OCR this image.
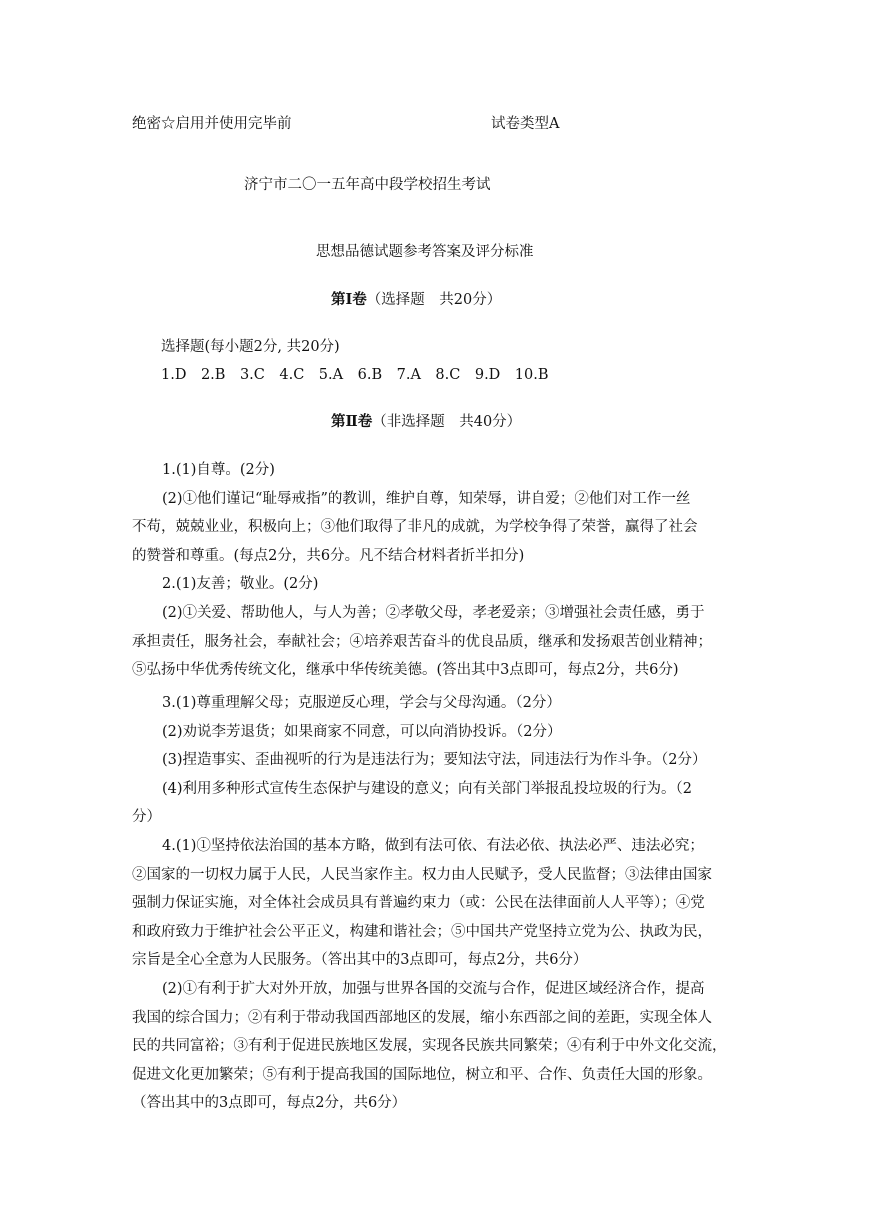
绝密☆启用并使用完毕前	试卷类型A
济宁市二〇一五年高中段学校招生考试
思想品德试题参考答案及评分标准
第Ⅰ卷（选择题　共20分）
选择题(每小题2分, 共20分)
1.D　2.B　3.C　4.C　5.A　6.B　7.A　8.C　9.D　10.B
第Ⅱ卷（非选择题　共40分）

1.(1)自尊。(2分)

(2)①他们谨记“耻辱戒指”的教训，维护自尊，知荣辱，讲自爱；②他们对工作一丝

不苟，兢兢业业，积极向上；③他们取得了非凡的成就，为学校争得了荣誉，赢得了社会

的赞誉和尊重。(每点2分，共6分。凡不结合材料者折半扣分)

2.(1)友善；敬业。(2分)

(2)①关爱、帮助他人，与人为善；②孝敬父母，孝老爱亲；③增强社会责任感，勇于

承担责任，服务社会，奉献社会；④培养艰苦奋斗的优良品质，继承和发扬艰苦创业精神；

⑤弘扬中华优秀传统文化，继承中华传统美德。(答出其中3点即可，每点2分，共6分)

3.(1)尊重理解父母；克服逆反心理，学会与父母沟通。（2分）

(2)劝说李芳退货；如果商家不同意，可以向消协投诉。（2分）

(3)捏造事实、歪曲视听的行为是违法行为；要知法守法，同违法行为作斗争。（2分）

(4)利用多种形式宣传生态保护与建设的意义；向有关部门举报乱投垃圾的行为。（2

分）

4.(1)①坚持依法治国的基本方略，做到有法可依、有法必依、执法必严、违法必究；

②国家的一切权力属于人民，人民当家作主。权力由人民赋予，受人民监督；③法律由国家

强制力保证实施，对全体社会成员具有普遍约束力（或：公民在法律面前人人平等）；④党

和政府致力于维护社会公平正义，构建和谐社会；⑤中国共产党坚持立党为公、执政为民，

宗旨是全心全意为人民服务。（答出其中的3点即可，每点2分，共6分）

(2)①有利于扩大对外开放，加强与世界各国的交流与合作，促进区域经济合作，提高

我国的综合国力；②有利于带动我国西部地区的发展，缩小东西部之间的差距，实现全体人

民的共同富裕；③有利于促进民族地区发展，实现各民族共同繁荣；④有利于中外文化交流，

促进文化更加繁荣；⑤有利于提高我国的国际地位，树立和平、合作、负责任大国的形象。

（答出其中的3点即可，每点2分，共6分）
